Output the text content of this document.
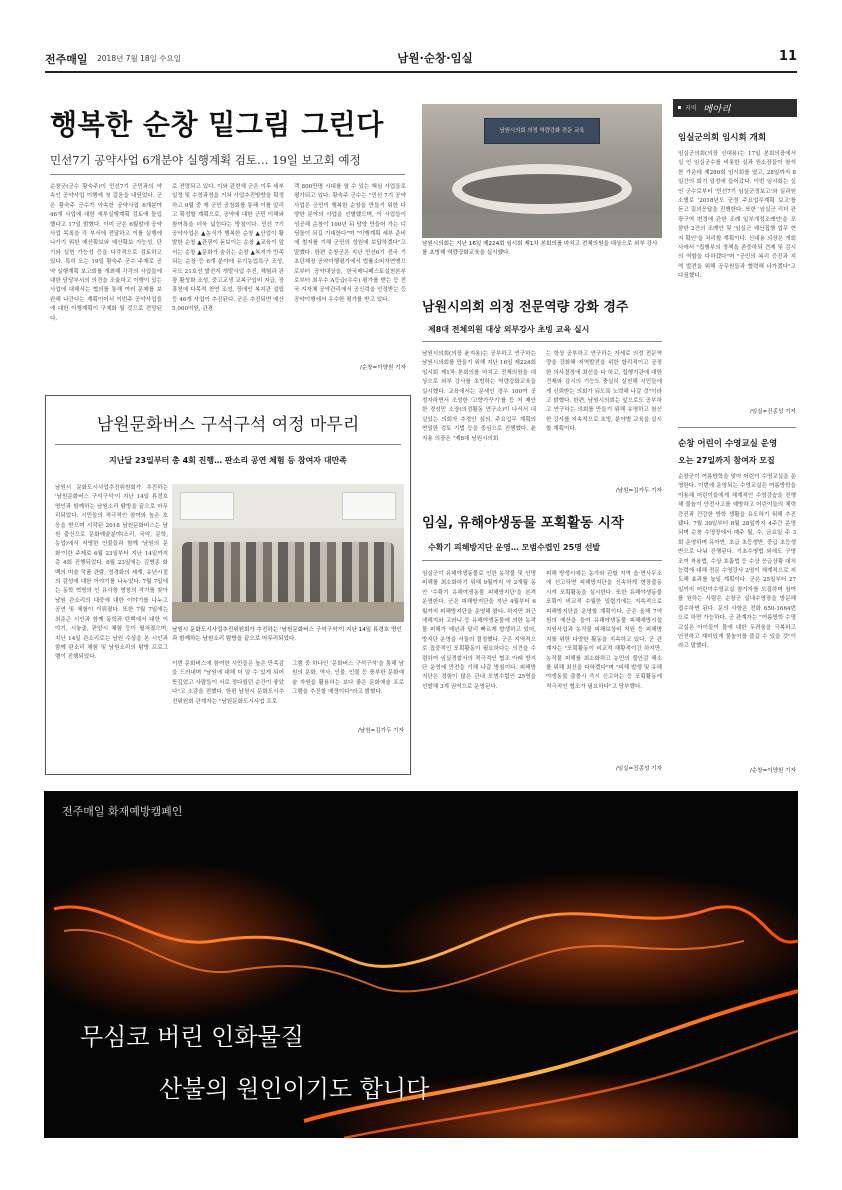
전주매일 2018년 7월 18일 수요일	남원·순창·임실	11
행복한 순창 밑그림 그린다
민선7기 공약사업 6개분야 실행계획 검토… 19일 보고회 예정
순창군(군수 황숙주)이 민선7기 군민과의 약속인 공약사업 이행에 첫 걸음을 내딛었다. 군은 황숙주 군수가 약속한 공약사업 6개분야 46개 사업에 대한 세부실행계획 검토에 돌입했다고 17일 밝혔다. 이미 군은 6월말에 공약사업 목록을 각 부서에 전달하고 이를 실행에 나가기 위한 예산확보와 예산확보 가능성, 단기와 실현 가능성 등을 다각적으로 검토하고 있다. 특히 오는 19일 황숙주 군수 주재로 공약 실행계획 보고회를 개최해 각각의 사업들에 대한 담당부서의 의견을 조율하고 이행이 있는 사업에 대해서는 협의를 통해 여러 문제를 보완해 나간다는 계획이어서 이번주 공약사업들에 대한 이행계획이 구체화 될 것으로 전망된다.
로 전망되고 있다. 이와 관련해 군은 이후 세부일정 및 수정과정을 거쳐 사업추진방향을 확정하고 9월 중 제 군민 공청회를 통해 이를 알리고 확정할 계획으로, 공약에 대한 군민 이해와 참여폭을 더욱 넓힌다는 방침이다. 민선 7기 공약사업은 ▲농식가 행복한 순창 ▲산업이 활발한 순창 ▲관광이 돋보이는 순창 ▲교육이 앞서는 순창 ▲문화가 숨쉬는 순창 ▲복지가 만족되는 순창 등 6개 분야에 유기농업특구 조성, 국도 21호선 발전지 개발사업 추진, 체험과 관광 활성화 조성, 중고교생 교복구입비 지급, 장흥천에 다목적 천연 조성, 장애인 복지관 설립 등 46개 사업이 추진된다. 군은 추진되면 예산 5,000억원, 관광
객 800만명 시대를 열 수 있는 핵심 사업들로 평가되고 있다. 황숙주 군수는 "민선 7기 공약사업은 군민이 행복한 순창을 만들기 위한 다양한 분야의 사업을 선별했으며, 이 사업들이 성공해 순창이 100년 뒤 담양 만들어 가는 디딤돌이 되길 기대한다"며 "이행계획 세부 준비에 철저를 기해 군민의 성원에 보답하겠다"고 말했다. 한편 순창군은 지난 민선6기 전국 기초단체장 공약이행평가에서 법률소비자연맹으로부터 공약대상을, 한국매니페스토실천본부로부터 최우수 A등급(우수) 평가를 받는 등 전국 지자체 공약관리에서 공신력을 인정받는 등 공약이행에서 우수한 평가를 받고 있다.
/순창=이양원 기자
남원시의회 의정 역량강화 전문 교육
남원시의회는 지난 16일 제224회 임시회 제1차 본회의를 마치고 전체의원을 대상으로 외부 강사를 초빙해 역량강화교육을 실시했다.
남원시의회 의정 전문역량 강화 경주
제8대 전체의원 대상 외부강사 초빙 교육 실시
남원시의회(의장 윤지용)는 공부하고 연구하는 남원시의회를 만들기 위해 지난 16일 제224회 임시회 제1차 본회의를 마치고 전체의원을 대상으로 외부 강사를 초빙하는 역량강화교육을 실시했다. 교육에서는 문세인 경우 100여 곳 정자하면서 조성한 '고향가꾸기'를 등 저 제안한 경성민 소장(의정활동 연구소)이 나서서 내실있는 의회자 추경안 심의, 주요업무 계획의 면밀한 검토 기법 등을 중심으로 진행했다. 윤지용 의장은 "제8대 남원시의회
는 항상 공부하고 연구하는 자세로 의정 전문역량을 강화해 지역발전을 위한 합리적이고 공정한 의사결정에 최선을 다 하고, 집행기관에 대한 견제와 감시의 기능도 충실히 실천해 시민들에게 신뢰받는 의회가 되도록 노력해 나갈 것"이라고 밝혔다. 한편, 남원시의회는 앞으로도 공부하고 연구하는 의회를 만들기 위해 유명하고 참신한 강사를 지속적으로 초빙, 분야별 교육을 실시할 계획이다.
/남원=김가두 기자
지역 메아리
임실군의회 임시회 개회
임실군의회(의장 신대용)는 17일 본회의장에서 실 인 임실군수를 비롯한 실과 원소장들이 참석한 가운데 제280회 임시회를 열고, 28일까지 8일간의 회기 일정에 들어갔다. 이번 임시회는 실 인 군수로부터 '민선7기 임실군정보고'와 실과원소별로 '2018년도 군정 주요업무계획 보고'를 듣고 질의응답을 진행한다. 또한 '임실군 리더 관광구역 변경에 관한 조례 일부개정조례안'을 포함한 2건의 조례안 및 '임실군 예산집행 업무 현지 확인'을 처리할 계획이다. 신대용 의장은 개회사에서 "집행부의 정책을 존중하되 견제 및 감시의 역할을 다하겠다"며 "군민의 복리 증진과 지역 발전을 위해 공무원들과 협력해 나가겠다"고 다짐했다.
/임실=진종성 기자
순창 어린이 수영교실 운영
오는 27일까지 참여자 모집
순창군이 여름방학을 맞아 어린이 수영교실을 운영한다. 이번에 운영되는 수영교실은 여름방학을 이용해 어린이들에게 체계적인 수영강습을 진행해 물놀이 안전사고를 예방하고 어린이들의 체력증진과 건강한 방학 생활을 유도하기 위해 추진됐다. 7월 30일부터 8월 28일까지 4주간 운영되며 순창 수영장에서 매주 월, 수, 금요일 주 3회 운영하며 유아반, 초급 초등생반, 중급 초등생반으로 나눠 진행된다. 기초수영법 외에도 구명조끼 착용법, 수상 호흡법 등 수상 응급상황 대처능력에 대해 전문 수영강사 2명이 체계적으로 지도해 효과를 높일 계획이다. 군은 25일부터 27일까지 어린이수영교실 참가자를 모집하며 참여를 원하는 사람은 순창군 실내수영장을 방문해 접수하면 된다. 문의 사항은 전화 650-1664번으로 하면 가능하다. 군 관계자는 "여름방학 수영교실은 아이들이 물에 대한 두려움을 극복하고 안전하고 재미있게 물놀이를 즐길 수 있을 것"이라고 말했다.
/순창=이양원 기자
남원문화버스 구석구석 여정 마무리
지난달 23일부터 총 4회 진행… 판소리 공연 체험 등 참여자 대만족
남원시 문화도시사업추진위원회가 추진하는 '남원문화버스 구석구석'이 지난 14일 류경호 명인과 함께하는 남원소리 탐방을 끝으로 마무리되었다. 시민들의 적극적인 참여와 높은 호응을 받으며 시작된 2018 남원문화버스는 남원 출신으로 문화예술분야(소리, 국악, 문학, 농업)에서 저명한 인물들과 함께 '남원의 문화'이란 주제로 6월 23일부터 지난 14일까지 총 4회 진행되었다. 6월 23일에는 김병종 화백의 미술 작품 관람, 정경화의 세계, 유년시절의 감성에 대한 이야기를 나누었다. 7월 7일에는 동학 혁명의 인 유사창 명창의 작가를 찾아 남원 관소리의 대중에 대한 이야기를 나누고 공연 및 체험이 이뤄졌다. 또한 7월 7일에는 최준곤 시인과 함께 동학과 탄백에서 대한 이야기, 시놓춤, 판양시 체험 등이 펼쳐졌으며, 지난 14일 관소리로는 남원 수상을 본 시인과 함께 판소리 체험 및 남원소리의 탐방 프로그램이 진행되었다.
남원시 문화도시사업추진위원회가 추진하는 '남원문화버스 구석구석'이 지난 14일 류경호 명인과 함께하는 남원소리 탐방을 끝으로 마무리되었다.
이번 문화버스에 참여한 시민들은 높은 만족감을 드러내며 "남원에 대해 더 알 수 있게 되어 뜻깊었고 사람들이 서로 정다웠던 순간이 좋았다"고 소감을 전했다. 한편 남원시 문화도시추진위원회 관계자는 "남원문화도시사업 프로
그램 중 하나인 '문화버스 구석구석'을 통해 남원의 문화, 역사, 인물, 인물 등 풍부한 문화예술 자원을 활용하는 보다 좋은 문화예술 프로그램을 추진할 예정이다"라고 밝혔다.
/남원=김가두 기자
임실, 유해야생동물 포획활동 시작
수확기 피해방지단 운영… 모범수렵인 25명 선발
임실군이 유해야생동물로 인한 농작물 및 인명 피해를 최소화하기 위해 9월까지 약 2개월 동안 '수확기 유해야생동물 피해방지단'을 본격 운영한다. 군은 피해방지단을 지난 4월부터 6월까지 피해방지단을 운영해 왔다. 하지만 최근 애해지와 고라니 등 유해야생동물에 의한 농작물 피해가 예년과 달리 빠르게 발생하고 있어, 방지단 운영을 서둘러 결정했다. 군은 지역적으로 집중적인 포획활동이 필요하다는 의견을 수렴하여 임실경찰서의 적극적인 협조 아래 방지단 운영에 만전을 기해 나갈 방침이다. 피해방지단은 경험이 많은 관내 모범수렵인 25명을 선발해 3개 권역으로 운영된다.
피해 방생시에는 농가와 관할 지역 읍·면사무소에 신고하면 피해방지단을 신속하게 현장출동 시켜 포획활동을 실시한다. 또한 유해야생동물 포획이 비교적 수월한 밀렵기에는 지속적으로 피해방지단을 운영할 계획이다. 군은 올해 7억원의 예산을 들여 유해야생동물 피해예방시설 지원사업과 농작물 피해보상비 지원 등 피해방지를 위한 다양한 활동을 지속하고 있다. 군 관계자는 "포획활동이 비교적 해황적이긴 하지만, 농작물 피해를 최소화하고 농민의 불안감 해소를 위해 최선을 다하겠다"며 "피해 발생 및 유해야생동물 출몰시 즉시 신고하는 등 포획활동에 적극적인 협조가 필요하다"고 당부했다.
/임실=진종성 기자
전주매일 화재예방캠페인
무심코 버린 인화물질
산불의 원인이기도 합니다
